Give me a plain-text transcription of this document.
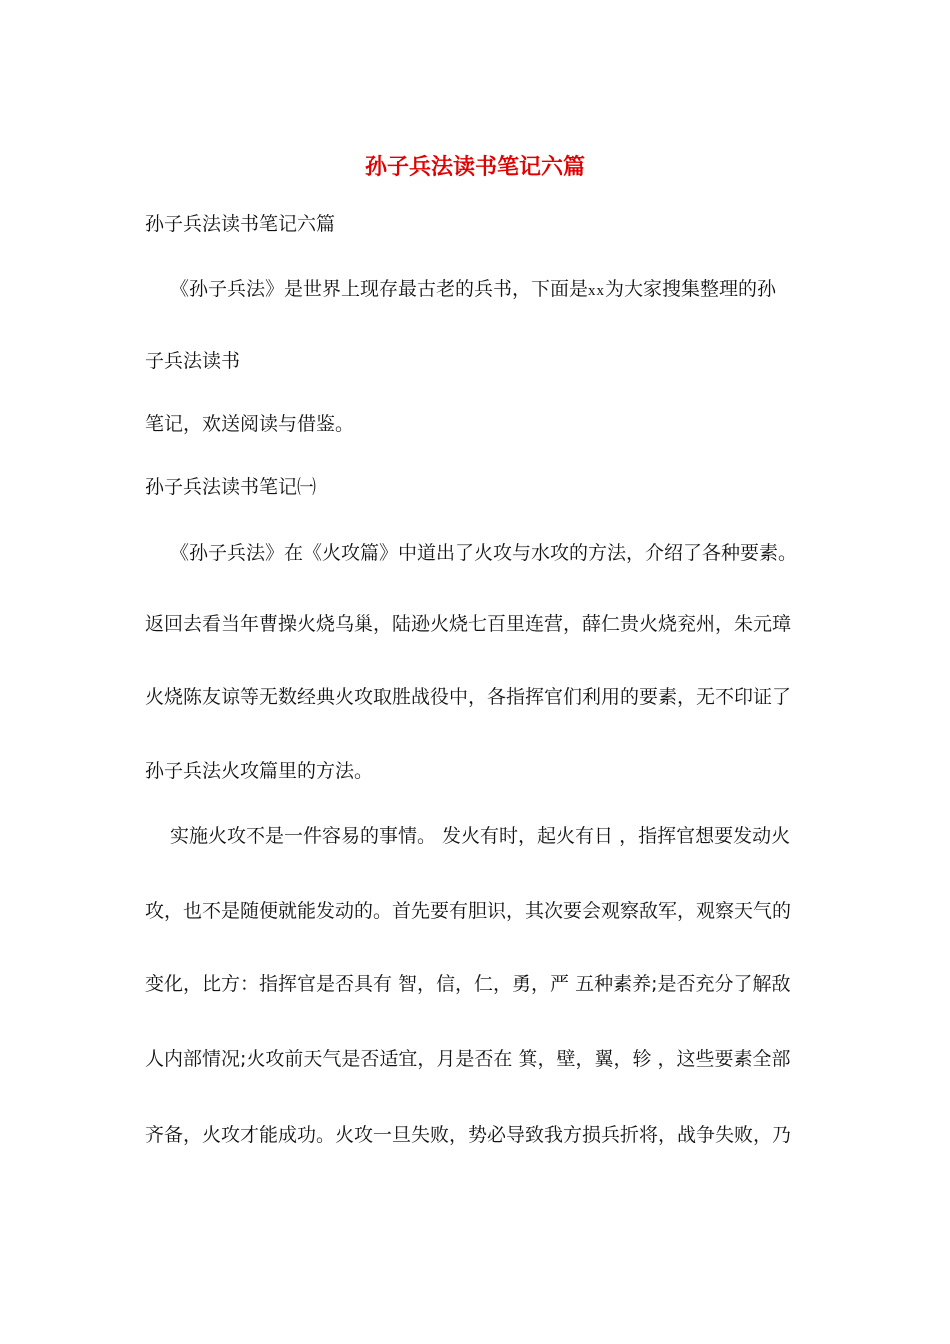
孙子兵法读书笔记六篇

孙子兵法读书笔记六篇

《孙子兵法》是世界上现存最古老的兵书，下面是xx为大家搜集整理的孙

子兵法读书

笔记，欢送阅读与借鉴。

孙子兵法读书笔记㈠

《孙子兵法》在《火攻篇》中道出了火攻与水攻的方法，介绍了各种要素。

返回去看当年曹操火烧乌巢，陆逊火烧七百里连营，薛仁贵火烧兖州，朱元璋

火烧陈友谅等无数经典火攻取胜战役中，各指挥官们利用的要素，无不印证了

孙子兵法火攻篇里的方法。

实施火攻不是一件容易的事情。 发火有时，起火有日 ，指挥官想要发动火

攻，也不是随便就能发动的。首先要有胆识，其次要会观察敌军，观察天气的

变化，比方：指挥官是否具有 智，信，仁，勇，严 五种素养;是否充分了解敌

人内部情况;火攻前天气是否适宜，月是否在 箕，壁，翼，轸 ，这些要素全部

齐备，火攻才能成功。火攻一旦失败，势必导致我方损兵折将，战争失败，乃
